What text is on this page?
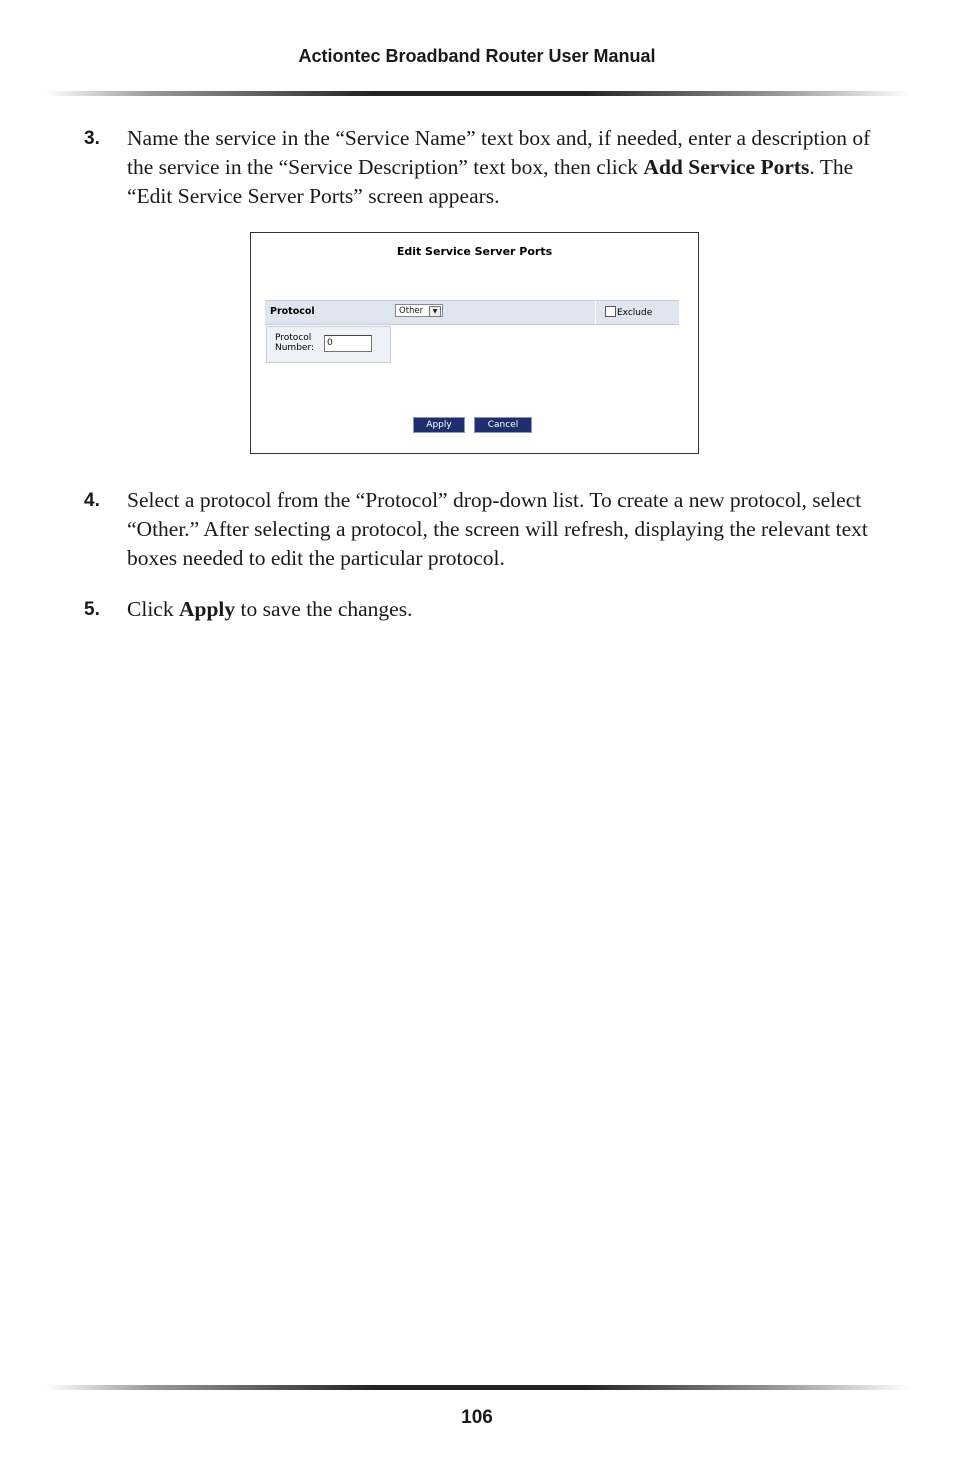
Actiontec Broadband Router User Manual
3. Name the service in the “Service Name” text box and, if needed, enter a description of the service in the “Service Description” text box, then click Add Service Ports. The “Edit Service Server Ports” screen appears.
Edit Service Server Ports
Protocol	Other	▼	Exclude
Protocol
Number:	0
Apply	Cancel
4. Select a protocol from the “Protocol” drop-down list. To create a new protocol, select “Other.” After selecting a protocol, the screen will refresh, displaying the relevant text boxes needed to edit the particular protocol.
5. Click Apply to save the changes.
106
